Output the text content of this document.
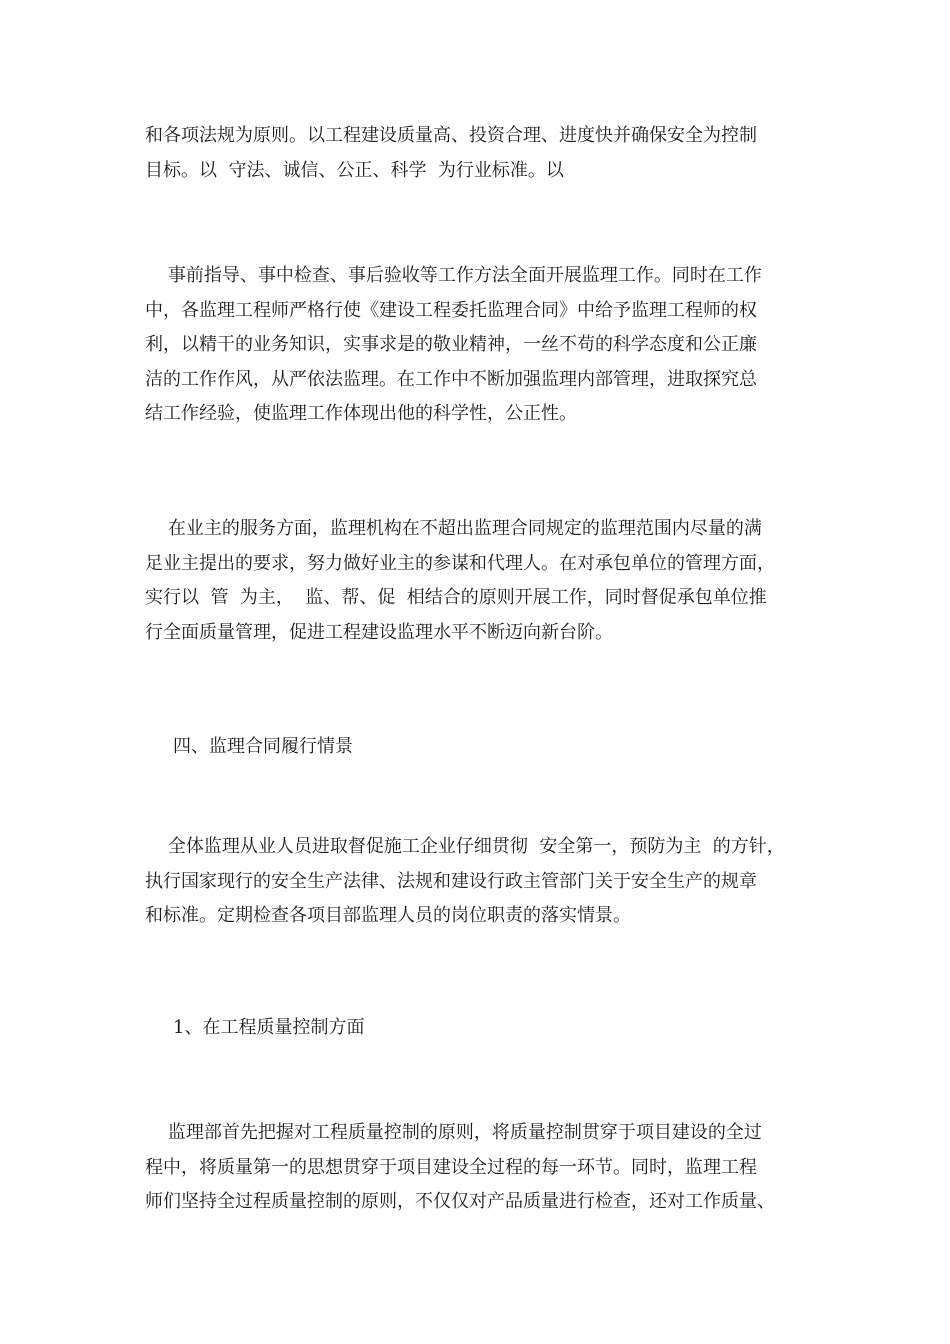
和各项法规为原则。以工程建设质量高、投资合理、进度快并确保安全为控制
目标。以  守法、诚信、公正、科学  为行业标准。以
事前指导、事中检查、事后验收等工作方法全面开展监理工作。同时在工作
中，各监理工程师严格行使《建设工程委托监理合同》中给予监理工程师的权
利，以精干的业务知识，实事求是的敬业精神，一丝不苟的科学态度和公正廉
洁的工作作风，从严依法监理。在工作中不断加强监理内部管理，进取探究总
结工作经验，使监理工作体现出他的科学性，公正性。
在业主的服务方面，监理机构在不超出监理合同规定的监理范围内尽量的满
足业主提出的要求，努力做好业主的参谋和代理人。在对承包单位的管理方面，
实行以  管  为主，  监、帮、促  相结合的原则开展工作，同时督促承包单位推
行全面质量管理，促进工程建设监理水平不断迈向新台阶。

四、监理合同履行情景

全体监理从业人员进取督促施工企业仔细贯彻  安全第一，预防为主  的方针，
执行国家现行的安全生产法律、法规和建设行政主管部门关于安全生产的规章
和标准。定期检查各项目部监理人员的岗位职责的落实情景。

1、在工程质量控制方面

监理部首先把握对工程质量控制的原则，将质量控制贯穿于项目建设的全过
程中，将质量第一的思想贯穿于项目建设全过程的每一环节。同时，监理工程
师们坚持全过程质量控制的原则，不仅仅对产品质量进行检查，还对工作质量、
